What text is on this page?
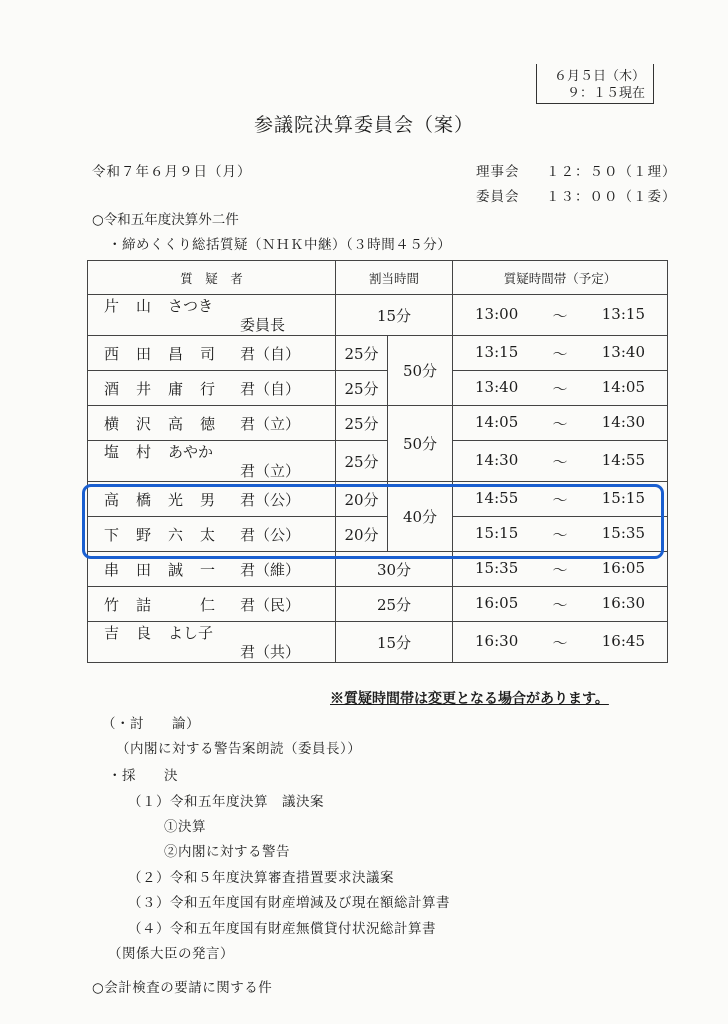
６月５日（木）
９：１５現在
参議院決算委員会（案）
令和７年６月９日（月）	理事会 １２：５０（１理）
委員会 １３：００（１委）
○令和五年度決算外二件
・締めくくり総括質疑（ＮＨＫ中継）（３時間４５分）
質　疑　者	割当時間		質疑時間帯（予定）
片 山 さつき委員長	15分		13:00 〜 13:15

西 田 昌 司 君（自）	25分	50分	13:15 〜 13:40

酒 井 庸 行 君（自）	25分		13:40 〜 14:05

横 沢 高 徳 君（立）	25分	50分	14:05 〜 14:30

塩 村 あやか君（立）	25分		14:30 〜 14:55

高 橋 光 男 君（公）	20分	40分	14:55 〜 15:15

下 野 六 太 君（公）	20分		15:15 〜 15:35

串 田 誠 一 君（維）	30分		15:35 〜 16:05

竹 詰 仁 君（民）	25分		16:05 〜 16:30

吉 良 よし子君（共）	15分		16:30 〜 16:45
※質疑時間帯は変更となる場合があります。
（・討　　論）
（内閣に対する警告案朗読（委員長））
・採　　決
（１）令和五年度決算　議決案
①決算
②内閣に対する警告
（２）令和５年度決算審査措置要求決議案
（３）令和五年度国有財産増減及び現在額総計算書
（４）令和五年度国有財産無償貸付状況総計算書
（関係大臣の発言）
○会計検査の要請に関する件
